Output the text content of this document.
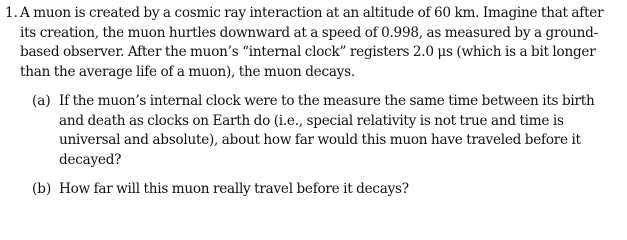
1. A muon is created by a cosmic ray interaction at an altitude of 60 km. Imagine that after its creation, the muon hurtles downward at a speed of 0.998, as measured by a ground-based observer. After the muon’s “internal clock” registers 2.0 μs (which is a bit longer than the average life of a muon), the muon decays.
(a) If the muon’s internal clock were to the measure the same time between its birth and death as clocks on Earth do (i.e., special relativity is not true and time is universal and absolute), about how far would this muon have traveled before it decayed?
(b) How far will this muon really travel before it decays?
